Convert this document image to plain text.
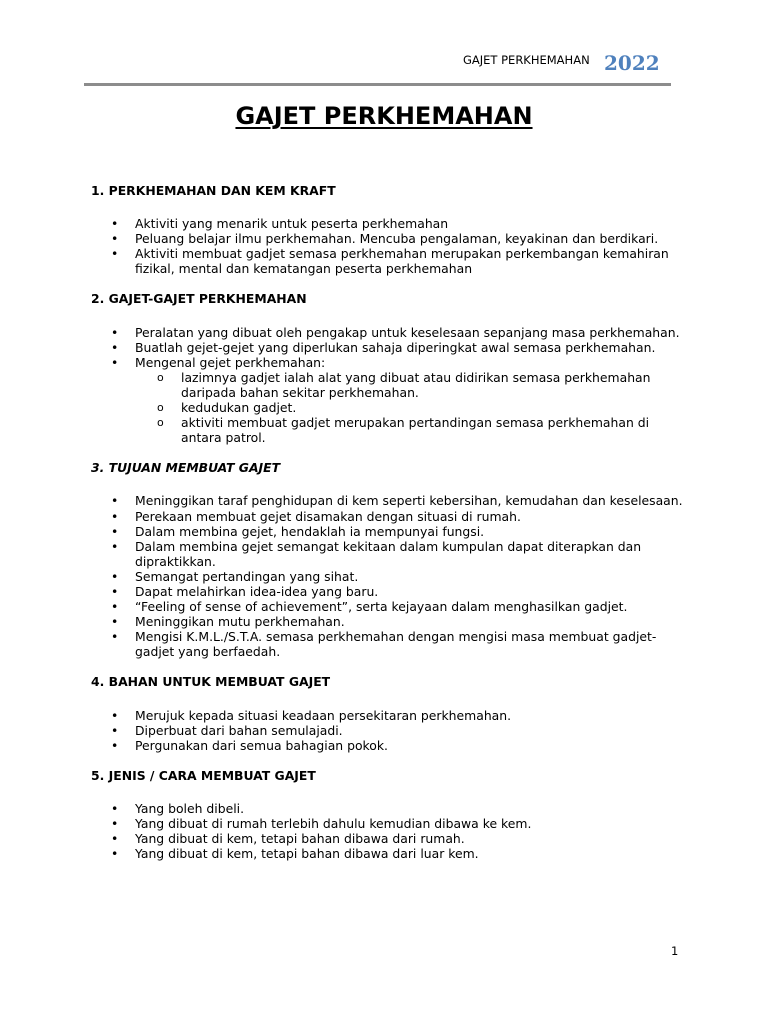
GAJET PERKHEMAHAN 2022
GAJET PERKHEMAHAN
1. PERKHEMAHAN DAN KEM KRAFT
• Aktiviti yang menarik untuk peserta perkhemahan
• Peluang belajar ilmu perkhemahan. Mencuba pengalaman, keyakinan dan berdikari.
• Aktiviti membuat gadjet semasa perkhemahan merupakan perkembangan kemahiran fizikal, mental dan kematangan peserta perkhemahan
2. GAJET-GAJET PERKHEMAHAN
• Peralatan yang dibuat oleh pengakap untuk keselesaan sepanjang masa perkhemahan.
• Buatlah gejet-gejet yang diperlukan sahaja diperingkat awal semasa perkhemahan.
• Mengenal gejet perkhemahan:
o lazimnya gadjet ialah alat yang dibuat atau didirikan semasa perkhemahan daripada bahan sekitar perkhemahan.
o kedudukan gadjet.
o aktiviti membuat gadjet merupakan pertandingan semasa perkhemahan di antara patrol.
3. TUJUAN MEMBUAT GAJET
• Meninggikan taraf penghidupan di kem seperti kebersihan, kemudahan dan keselesaan.
• Perekaan membuat gejet disamakan dengan situasi di rumah.
• Dalam membina gejet, hendaklah ia mempunyai fungsi.
• Dalam membina gejet semangat kekitaan dalam kumpulan dapat diterapkan dan dipraktikkan.
• Semangat pertandingan yang sihat.
• Dapat melahirkan idea-idea yang baru.
• “Feeling of sense of achievement”, serta kejayaan dalam menghasilkan gadjet.
• Meninggikan mutu perkhemahan.
• Mengisi K.M.L./S.T.A. semasa perkhemahan dengan mengisi masa membuat gadjet-gadjet yang berfaedah.
4. BAHAN UNTUK MEMBUAT GAJET
• Merujuk kepada situasi keadaan persekitaran perkhemahan.
• Diperbuat dari bahan semulajadi.
• Pergunakan dari semua bahagian pokok.
5. JENIS / CARA MEMBUAT GAJET
• Yang boleh dibeli.
• Yang dibuat di rumah terlebih dahulu kemudian dibawa ke kem.
• Yang dibuat di kem, tetapi bahan dibawa dari rumah.
• Yang dibuat di kem, tetapi bahan dibawa dari luar kem.
1
